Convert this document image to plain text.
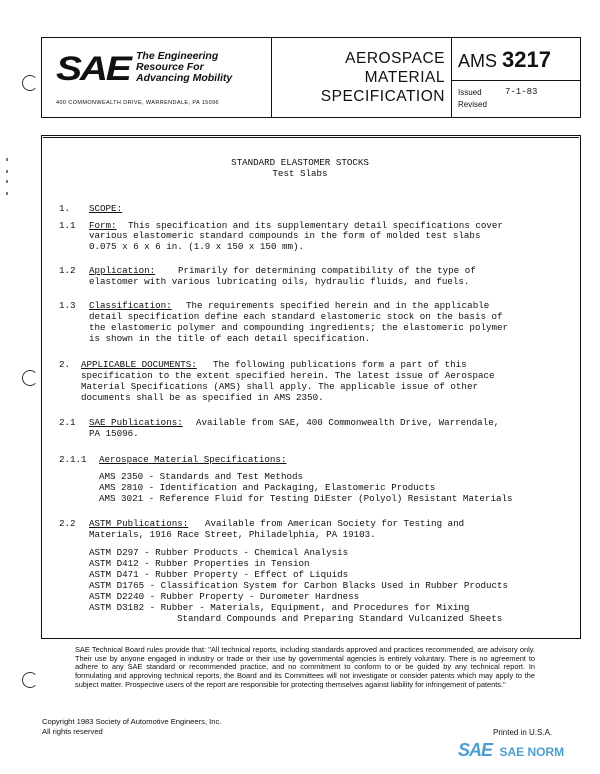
SAE The Engineering
Resource For
Advancing Mobility
400 COMMONWEALTH DRIVE, WARRENDALE, PA 15096
AEROSPACE
MATERIAL
SPECIFICATION
AMS 3217
Issued	7-1-83
Revised
STANDARD ELASTOMER STOCKS
Test Slabs
1. SCOPE:
1.1 Form: This specification and its supplementary detail specifications cover
various elastomeric standard compounds in the form of molded test slabs
0.075 x 6 x 6 in. (1.9 x 150 x 150 mm).
1.2 Application: Primarily for determining compatibility of the type of
elastomer with various lubricating oils, hydraulic fluids, and fuels.
1.3 Classification: The requirements specified herein and in the applicable
detail specification define each standard elastomeric stock on the basis of
the elastomeric polymer and compounding ingredients; the elastomeric polymer
is shown in the title of each detail specification.
2. APPLICABLE DOCUMENTS: The following publications form a part of this
specification to the extent specified herein. The latest issue of Aerospace
Material Specifications (AMS) shall apply. The applicable issue of other
documents shall be as specified in AMS 2350.
2.1 SAE Publications: Available from SAE, 400 Commonwealth Drive, Warrendale,
PA 15096.
2.1.1 Aerospace Material Specifications:
AMS 2350 - Standards and Test Methods
AMS 2810 - Identification and Packaging, Elastomeric Products
AMS 3021 - Reference Fluid for Testing DiEster (Polyol) Resistant Materials
2.2 ASTM Publications: Available from American Society for Testing and
Materials, 1916 Race Street, Philadelphia, PA 19103.
ASTM D297 - Rubber Products - Chemical Analysis
ASTM D412 - Rubber Properties in Tension
ASTM D471 - Rubber Property - Effect of Liquids
ASTM D1765 - Classification System for Carbon Blacks Used in Rubber Products
ASTM D2240 - Rubber Property - Durometer Hardness
ASTM D3182 - Rubber - Materials, Equipment, and Procedures for Mixing
Standard Compounds and Preparing Standard Vulcanized Sheets
SAE Technical Board rules provide that: "All technical reports, including standards approved and practices recommended, are advisory only. Their use by anyone engaged in industry or trade or their use by governmental agencies is entirely voluntary. There is no agreement to adhere to any SAE standard or recommended practice, and no commitment to conform to or be guided by any technical report. In formulating and approving technical reports, the Board and its Committees will not investigate or consider patents which may apply to the subject matter. Prospective users of the report are responsible for protecting themselves against liability for infringement of patents."
Copyright 1983 Society of Automotive Engineers, Inc.
All rights reserved	Printed in U.S.A.
SAE SAE NORM
